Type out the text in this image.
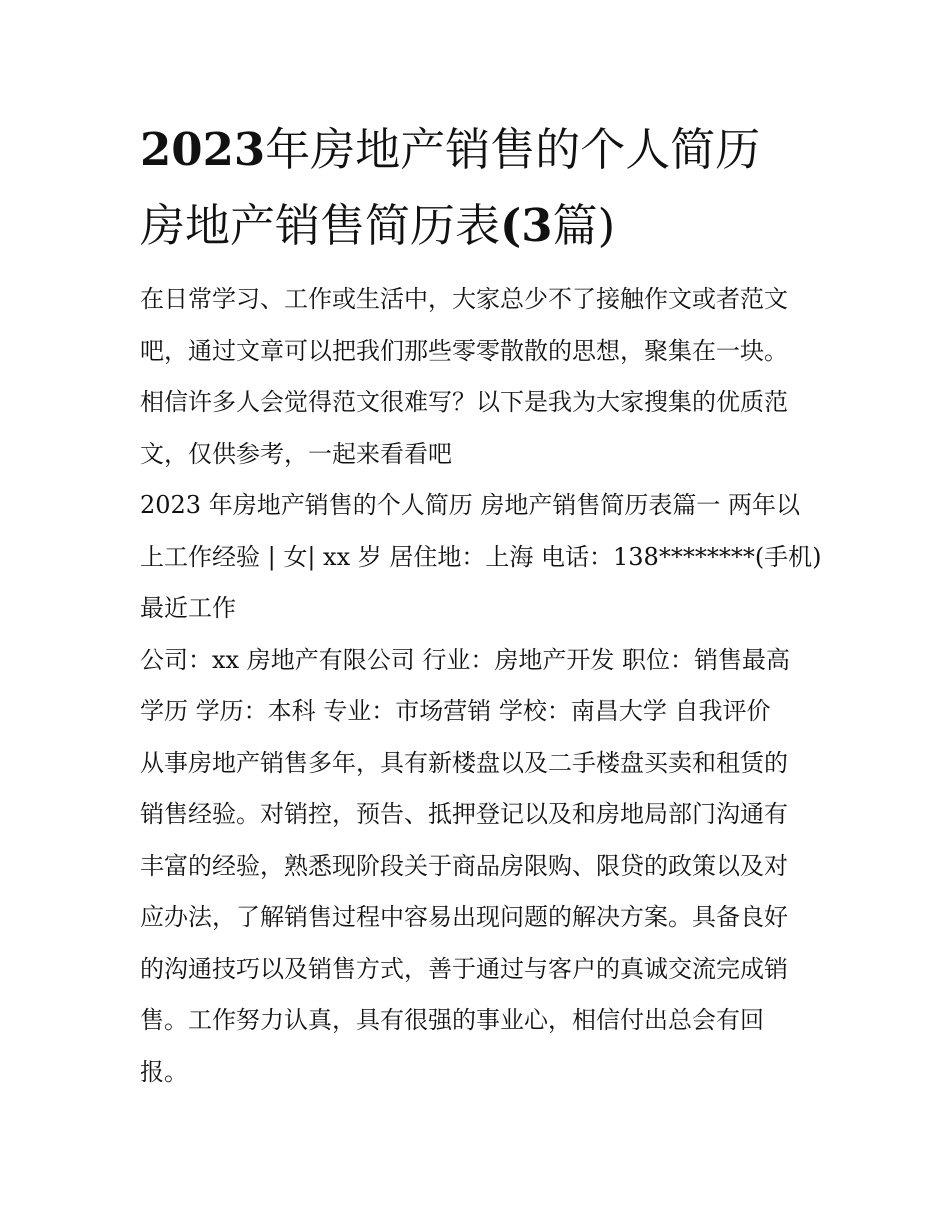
2023年房地产销售的个人简历
房地产销售简历表(3篇)

在日常学习、工作或生活中，大家总少不了接触作文或者范文
吧，通过文章可以把我们那些零零散散的思想，聚集在一块。
相信许多人会觉得范文很难写？以下是我为大家搜集的优质范
文，仅供参考，一起来看看吧

2023 年房地产销售的个人简历 房地产销售简历表篇一 两年以
上工作经验 | 女| xx 岁 居住地：上海 电话：138********(手机)
最近工作

公司：xx 房地产有限公司 行业：房地产开发 职位：销售最高
学历 学历：本科 专业：市场营销 学校：南昌大学 自我评价
从事房地产销售多年，具有新楼盘以及二手楼盘买卖和租赁的
销售经验。对销控，预告、抵押登记以及和房地局部门沟通有
丰富的经验，熟悉现阶段关于商品房限购、限贷的政策以及对
应办法，了解销售过程中容易出现问题的解决方案。具备良好
的沟通技巧以及销售方式，善于通过与客户的真诚交流完成销
售。工作努力认真，具有很强的事业心，相信付出总会有回
报。
